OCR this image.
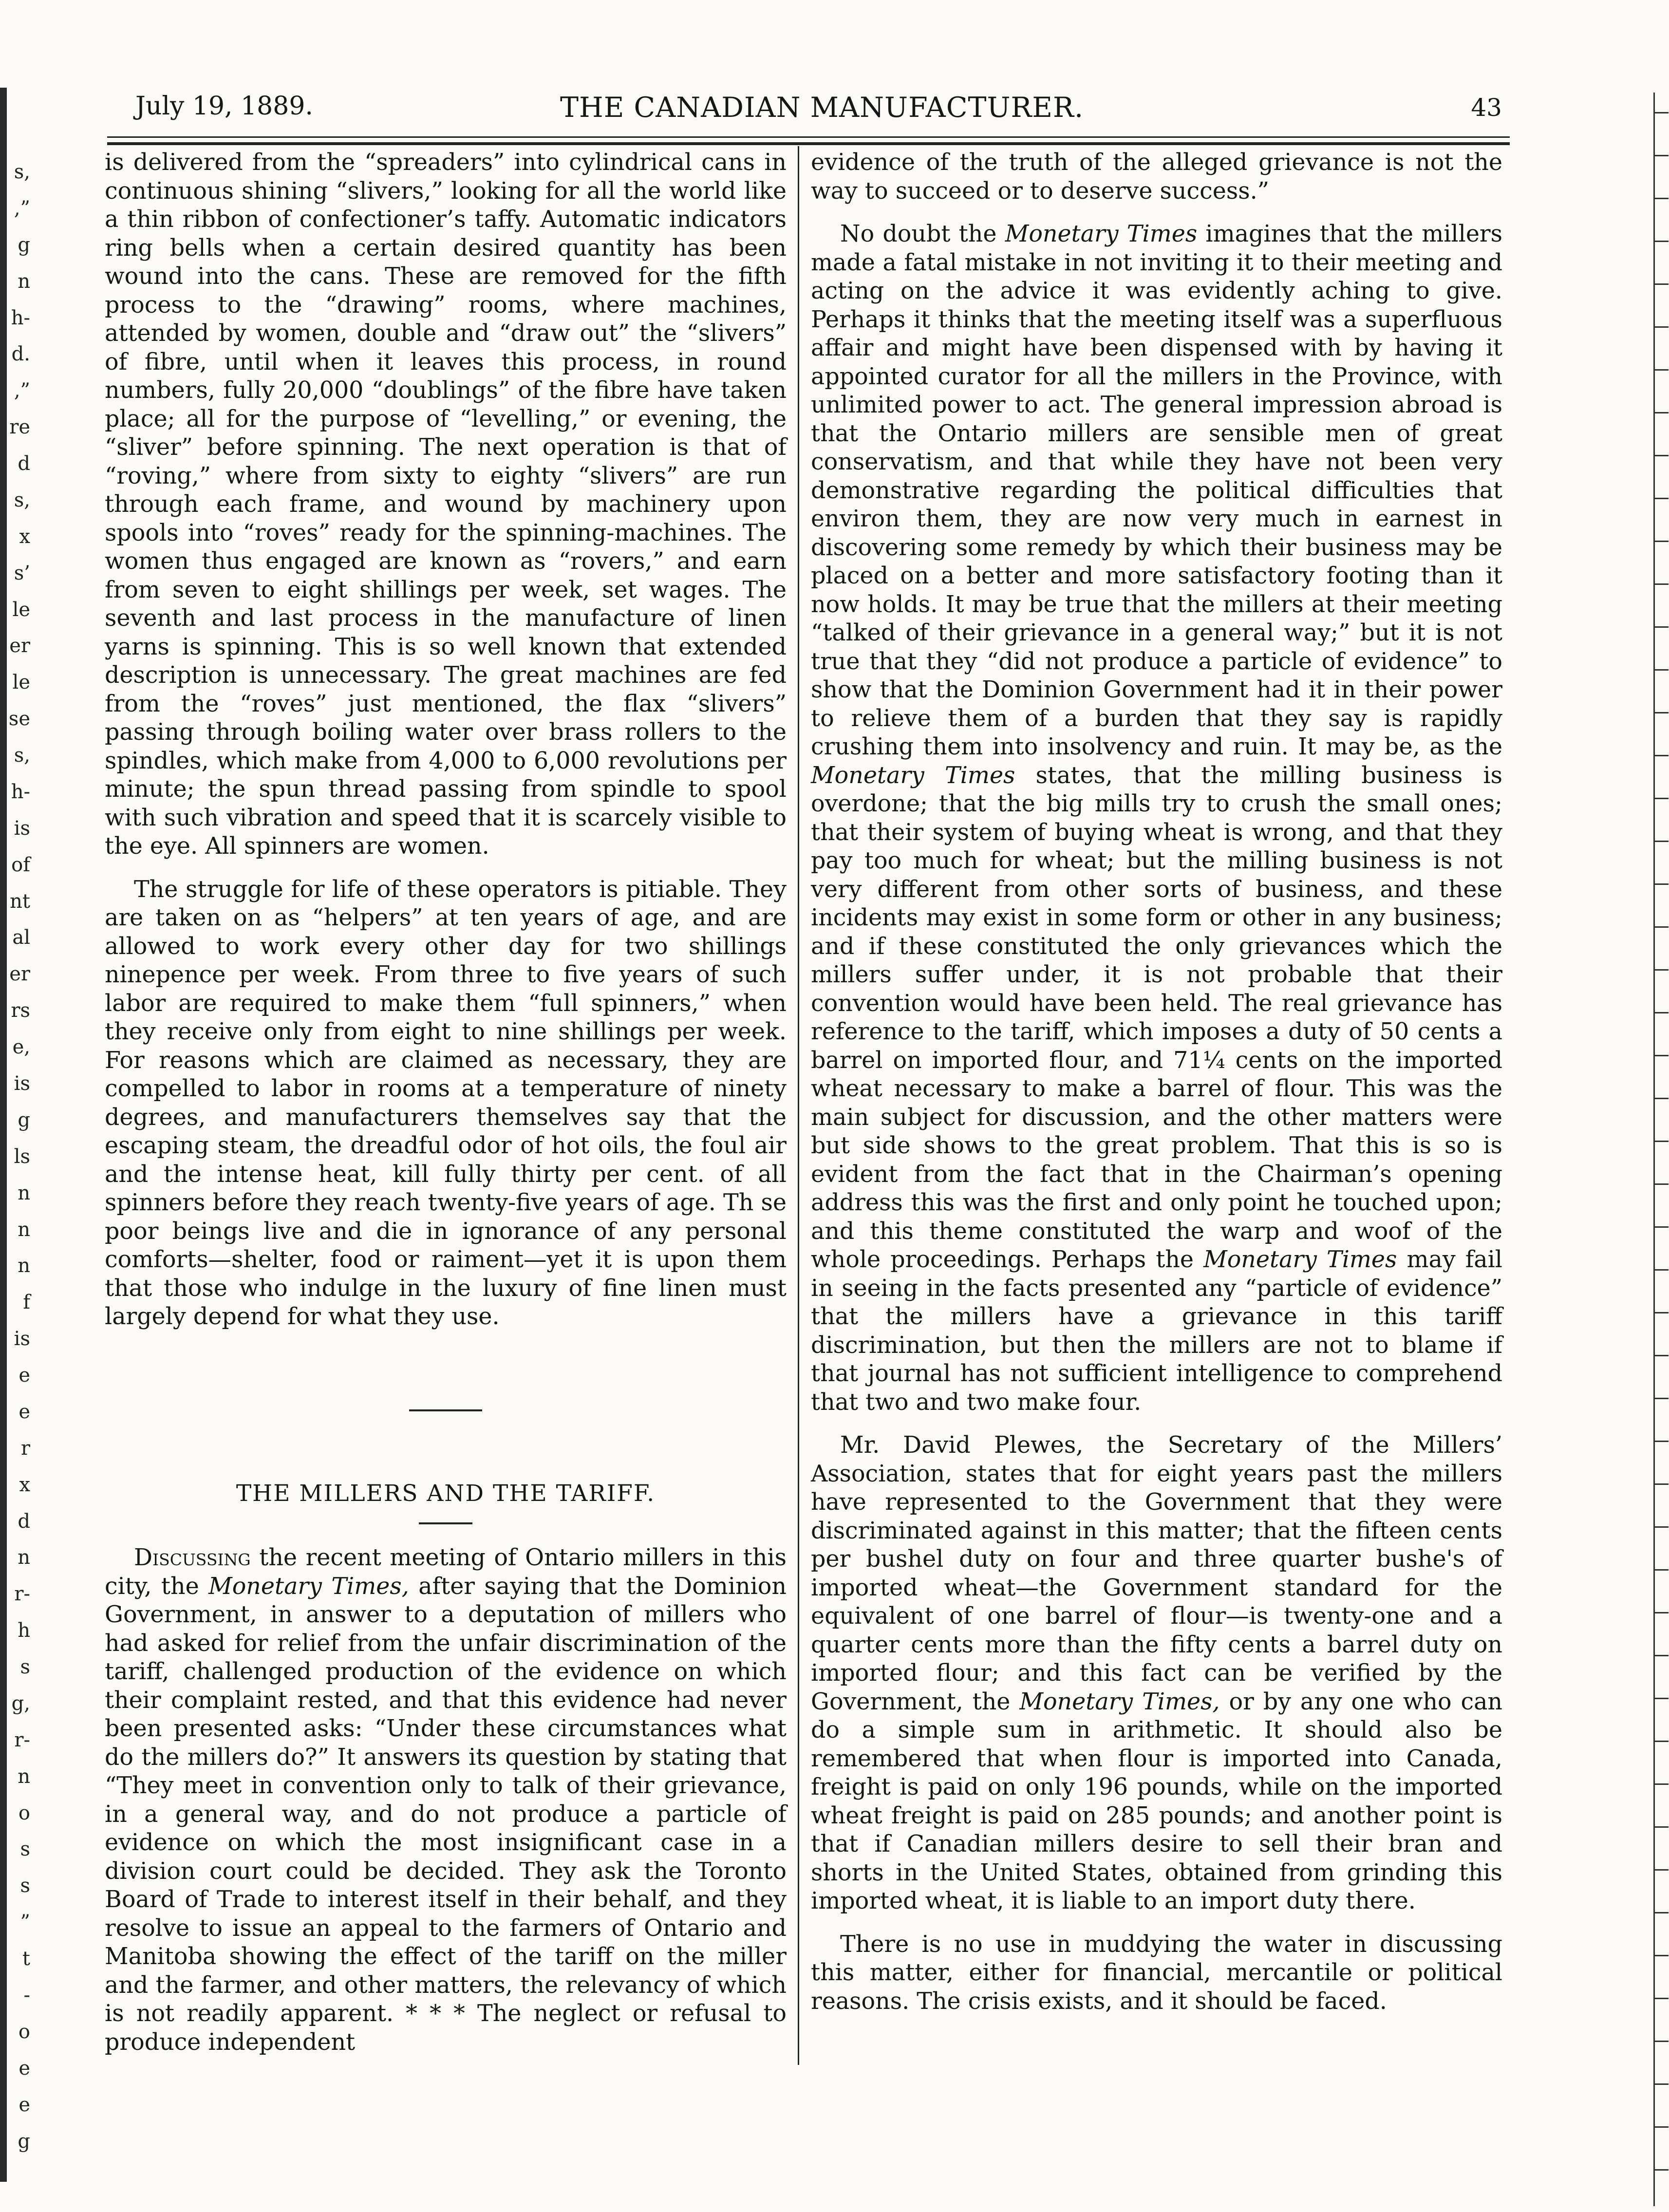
s,
,”
g
n
h-
d.
,”
re
d
s,
x
s’
le
er
le
se
s,
h-
is
of
nt
al
er
rs
e,
is
g
ls
n
n
n
f
is
e
e
r
x
d
n
r-
h
s
g,
r-
n
o
s
s
”
t
-
o
e
e
g
July 19, 1889.	THE CANADIAN MANUFACTURER.	43

is delivered from the “spreaders” into cylindrical cans in continuous shining “slivers,” looking for all the world like a thin ribbon of confectioner’s taffy. Automatic indicators ring bells when a certain desired quantity has been wound into the cans. These are removed for the fifth process to the “drawing” rooms, where machines, attended by women, double and “draw out” the “slivers” of fibre, until when it leaves this process, in round numbers, fully 20,000 “doublings” of the fibre have taken place; all for the purpose of “levelling,” or evening, the “sliver” before spinning. The next operation is that of “roving,” where from sixty to eighty “slivers” are run through each frame, and wound by machinery upon spools into “roves” ready for the spinning-machines. The women thus engaged are known as “rovers,” and earn from seven to eight shillings per week, set wages. The seventh and last process in the manufacture of linen yarns is spinning. This is so well known that extended description is unnecessary. The great machines are fed from the “roves” just mentioned, the flax “slivers” passing through boiling water over brass rollers to the spindles, which make from 4,000 to 6,000 revolutions per minute; the spun thread passing from spindle to spool with such vibration and speed that it is scarcely visible to the eye. All spinners are women.

The struggle for life of these operators is pitiable. They are taken on as “helpers” at ten years of age, and are allowed to work every other day for two shillings ninepence per week. From three to five years of such labor are required to make them “full spinners,” when they receive only from eight to nine shillings per week. For reasons which are claimed as necessary, they are compelled to labor in rooms at a temperature of ninety degrees, and manufacturers themselves say that the escaping steam, the dreadful odor of hot oils, the foul air and the intense heat, kill fully thirty per cent. of all spinners before they reach twenty-five years of age. Th se poor beings live and die in ignorance of any personal comforts—shelter, food or raiment—yet it is upon them that those who indulge in the luxury of fine linen must largely depend for what they use.

THE MILLERS AND THE TARIFF.

Discussing the recent meeting of Ontario millers in this city, the Monetary Times, after saying that the Dominion Government, in answer to a deputation of millers who had asked for relief from the unfair discrimination of the tariff, challenged production of the evidence on which their complaint rested, and that this evidence had never been presented asks: “Under these circumstances what do the millers do?” It answers its question by stating that “They meet in convention only to talk of their grievance, in a general way, and do not produce a particle of evidence on which the most insignificant case in a division court could be decided. They ask the Toronto Board of Trade to interest itself in their behalf, and they resolve to issue an appeal to the farmers of Ontario and Manitoba showing the effect of the tariff on the miller and the farmer, and other matters, the relevancy of which is not readily apparent. * * * The neglect or refusal to produce independent

evidence of the truth of the alleged grievance is not the way to succeed or to deserve success.”

No doubt the Monetary Times imagines that the millers made a fatal mistake in not inviting it to their meeting and acting on the advice it was evidently aching to give. Perhaps it thinks that the meeting itself was a superfluous affair and might have been dispensed with by having it appointed curator for all the millers in the Province, with unlimited power to act. The general impression abroad is that the Ontario millers are sensible men of great conservatism, and that while they have not been very demonstrative regarding the political difficulties that environ them, they are now very much in earnest in discovering some remedy by which their business may be placed on a better and more satisfactory footing than it now holds. It may be true that the millers at their meeting “talked of their grievance in a general way;” but it is not true that they “did not produce a particle of evidence” to show that the Dominion Government had it in their power to relieve them of a burden that they say is rapidly crushing them into insolvency and ruin. It may be, as the Monetary Times states, that the milling business is overdone; that the big mills try to crush the small ones; that their system of buying wheat is wrong, and that they pay too much for wheat; but the milling business is not very different from other sorts of business, and these incidents may exist in some form or other in any business; and if these constituted the only grievances which the millers suffer under, it is not probable that their convention would have been held. The real grievance has reference to the tariff, which imposes a duty of 50 cents a barrel on imported flour, and 71¼ cents on the imported wheat necessary to make a barrel of flour. This was the main subject for discussion, and the other matters were but side shows to the great problem. That this is so is evident from the fact that in the Chairman’s opening address this was the first and only point he touched upon; and this theme constituted the warp and woof of the whole proceedings. Perhaps the Monetary Times may fail in seeing in the facts presented any “particle of evidence” that the millers have a grievance in this tariff discrimination, but then the millers are not to blame if that journal has not sufficient intelligence to comprehend that two and two make four.

Mr. David Plewes, the Secretary of the Millers’ Association, states that for eight years past the millers have represented to the Government that they were discriminated against in this matter; that the fifteen cents per bushel duty on four and three quarter bushe's of imported wheat—the Government standard for the equivalent of one barrel of flour—is twenty-one and a quarter cents more than the fifty cents a barrel duty on imported flour; and this fact can be verified by the Government, the Monetary Times, or by any one who can do a simple sum in arithmetic. It should also be remembered that when flour is imported into Canada, freight is paid on only 196 pounds, while on the imported wheat freight is paid on 285 pounds; and another point is that if Canadian millers desire to sell their bran and shorts in the United States, obtained from grinding this imported wheat, it is liable to an import duty there.

There is no use in muddying the water in discussing this matter, either for financial, mercantile or political reasons. The crisis exists, and it should be faced.
